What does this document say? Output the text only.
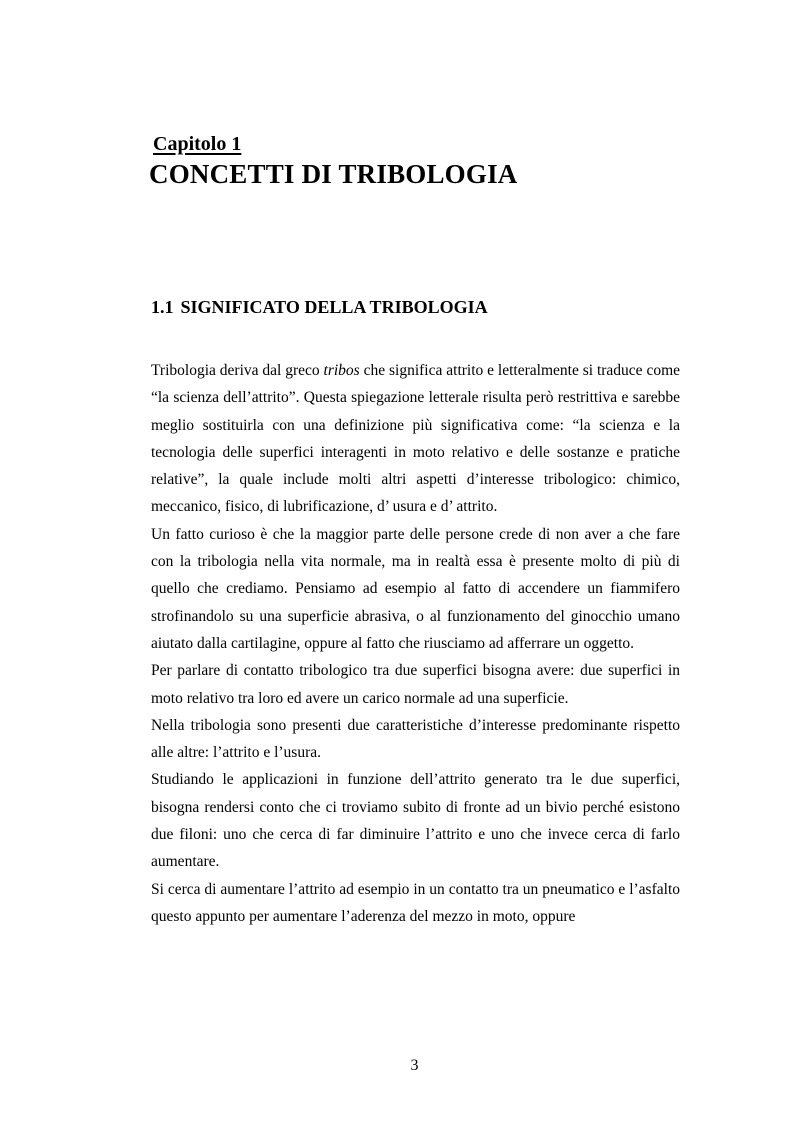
Capitolo 1
CONCETTI DI TRIBOLOGIA
1.1 SIGNIFICATO DELLA TRIBOLOGIA

Tribologia deriva dal greco tribos che significa attrito e letteralmente si traduce come “la scienza dell’attrito”. Questa spiegazione letterale risulta però restrittiva e sarebbe meglio sostituirla con una definizione più significativa come: “la scienza e la tecnologia delle superfici interagenti in moto relativo e delle sostanze e pratiche relative”, la quale include molti altri aspetti d’interesse tribologico: chimico, meccanico, fisico, di lubrificazione, d’ usura e d’ attrito.

Un fatto curioso è che la maggior parte delle persone crede di non aver a che fare con la tribologia nella vita normale, ma in realtà essa è presente molto di più di quello che crediamo. Pensiamo ad esempio al fatto di accendere un fiammifero strofinandolo su una superficie abrasiva, o al funzionamento del ginocchio umano aiutato dalla cartilagine, oppure al fatto che riusciamo ad afferrare un oggetto.

Per parlare di contatto tribologico tra due superfici bisogna avere: due superfici in moto relativo tra loro ed avere un carico normale ad una superficie.

Nella tribologia sono presenti due caratteristiche d’interesse predominante rispetto alle altre: l’attrito e l’usura.

Studiando le applicazioni in funzione dell’attrito generato tra le due superfici, bisogna rendersi conto che ci troviamo subito di fronte ad un bivio perché esistono due filoni: uno che cerca di far diminuire l’attrito e uno che invece cerca di farlo aumentare.

Si cerca di aumentare l’attrito ad esempio in un contatto tra un pneumatico e l’asfalto questo appunto per aumentare l’aderenza del mezzo in moto, oppure

3
